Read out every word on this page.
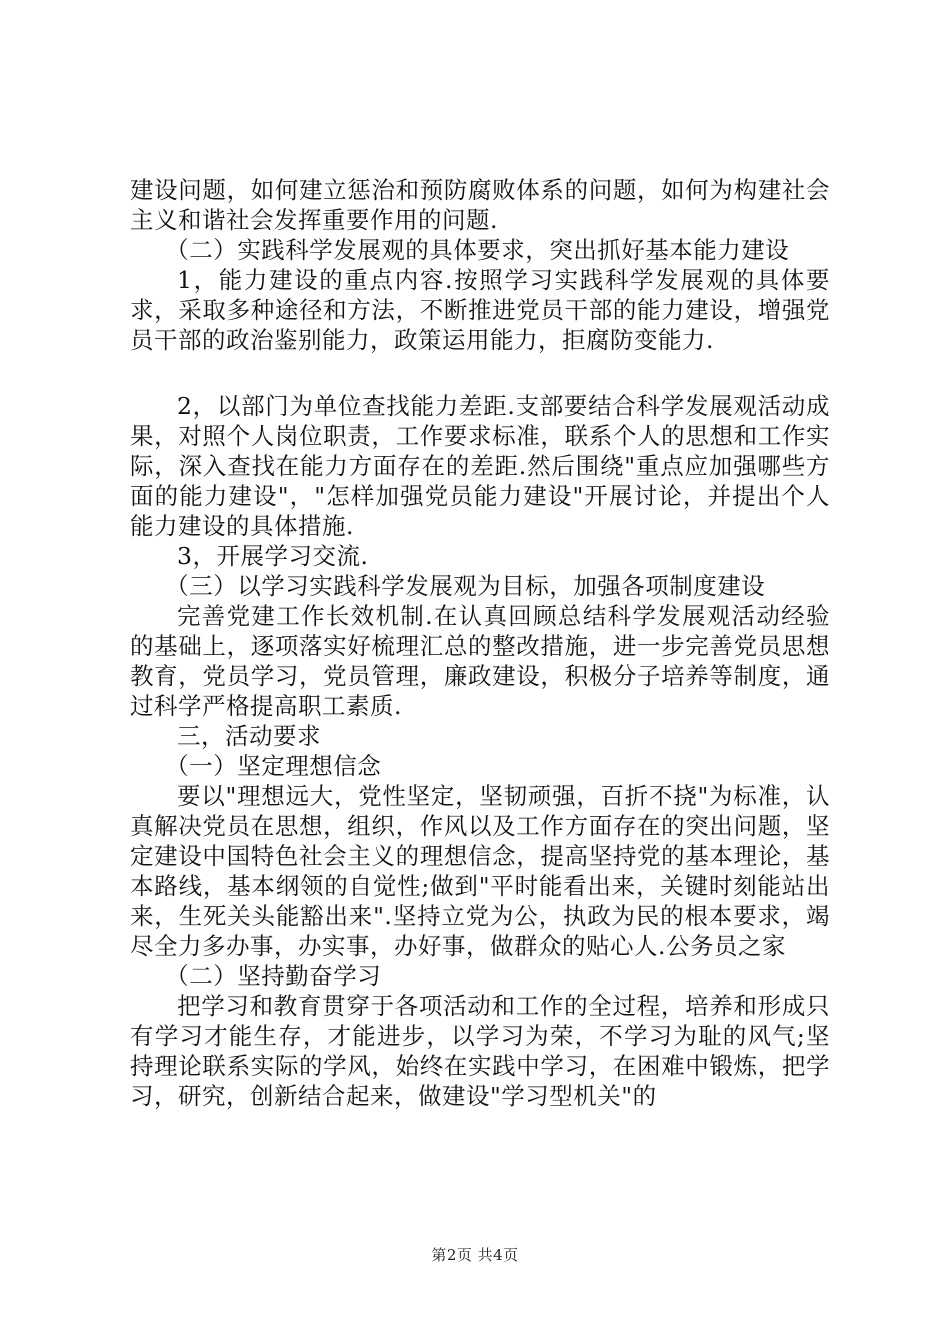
建设问题，如何建立惩治和预防腐败体系的问题，如何为构建社会主义和谐社会发挥重要作用的问题.

（二）实践科学发展观的具体要求，突出抓好基本能力建设

1，能力建设的重点内容.按照学习实践科学发展观的具体要求，采取多种途径和方法，不断推进党员干部的能力建设，增强党员干部的政治鉴别能力，政策运用能力，拒腐防变能力.

2，以部门为单位查找能力差距.支部要结合科学发展观活动成果，对照个人岗位职责，工作要求标准，联系个人的思想和工作实际，深入查找在能力方面存在的差距.然后围绕"重点应加强哪些方面的能力建设"，"怎样加强党员能力建设"开展讨论，并提出个人能力建设的具体措施.

3，开展学习交流.

（三）以学习实践科学发展观为目标，加强各项制度建设

完善党建工作长效机制.在认真回顾总结科学发展观活动经验的基础上，逐项落实好梳理汇总的整改措施，进一步完善党员思想教育，党员学习，党员管理，廉政建设，积极分子培养等制度，通过科学严格提高职工素质.

三，活动要求

（一）坚定理想信念

要以"理想远大，党性坚定，坚韧顽强，百折不挠"为标准，认真解决党员在思想，组织，作风以及工作方面存在的突出问题，坚定建设中国特色社会主义的理想信念，提高坚持党的基本理论，基本路线，基本纲领的自觉性;做到"平时能看出来，关键时刻能站出来，生死关头能豁出来".坚持立党为公，执政为民的根本要求，竭尽全力多办事，办实事，办好事，做群众的贴心人.公务员之家

（二）坚持勤奋学习

把学习和教育贯穿于各项活动和工作的全过程，培养和形成只有学习才能生存，才能进步，以学习为荣，不学习为耻的风气;坚持理论联系实际的学风，始终在实践中学习，在困难中锻炼，把学习，研究，创新结合起来，做建设"学习型机关"的

第2页 共4页
